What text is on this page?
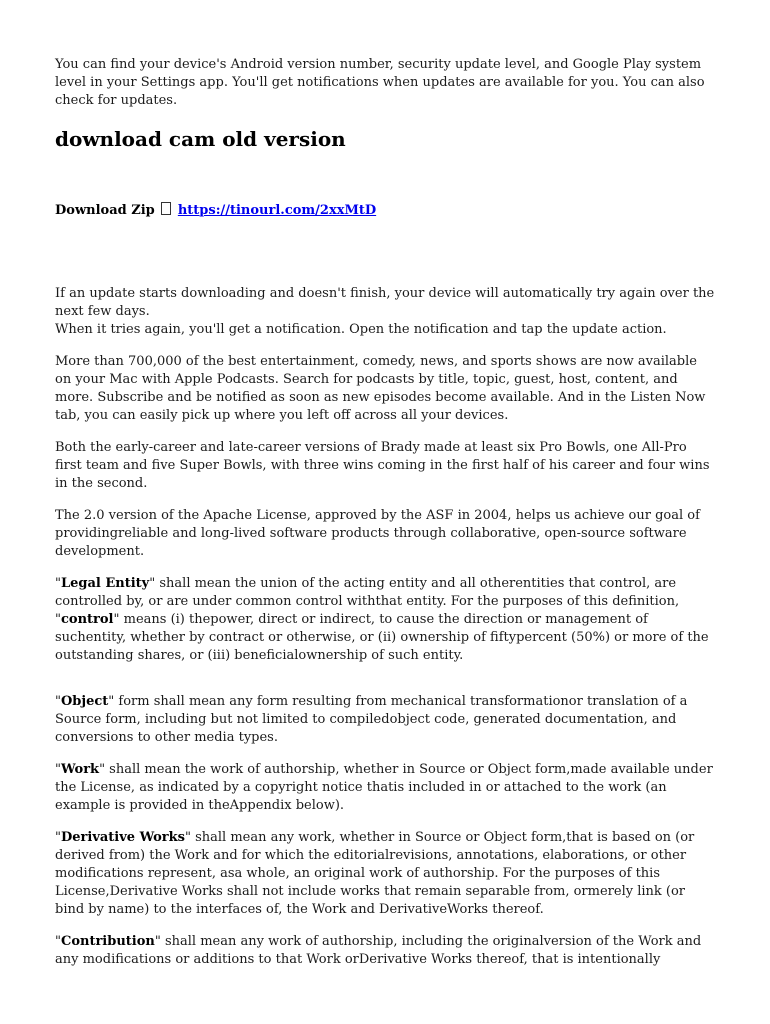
You can find your device's Android version number, security update level, and Google Play system level in your Settings app. You'll get notifications when updates are available for you. You can also check for updates.

download cam old version

Download Zip https://tinourl.com/2xxMtD

If an update starts downloading and doesn't finish, your device will automatically try again over the next few days.

When it tries again, you'll get a notification. Open the notification and tap the update action.

More than 700,000 of the best entertainment, comedy, news, and sports shows are now available on your Mac with Apple Podcasts. Search for podcasts by title, topic, guest, host, content, and more. Subscribe and be notified as soon as new episodes become available. And in the Listen Now tab, you can easily pick up where you left off across all your devices.

Both the early-career and late-career versions of Brady made at least six Pro Bowls, one All-Pro first team and five Super Bowls, with three wins coming in the first half of his career and four wins in the second.

The 2.0 version of the Apache License, approved by the ASF in 2004, helps us achieve our goal of providingreliable and long-lived software products through collaborative, open-source software development.

"Legal Entity" shall mean the union of the acting entity and all otherentities that control, are controlled by, or are under common control withthat entity. For the purposes of this definition, "control" means (i) thepower, direct or indirect, to cause the direction or management of suchentity, whether by contract or otherwise, or (ii) ownership of fiftypercent (50%) or more of the outstanding shares, or (iii) beneficialownership of such entity.

"Object" form shall mean any form resulting from mechanical transformationor translation of a Source form, including but not limited to compiledobject code, generated documentation, and conversions to other media types.

"Work" shall mean the work of authorship, whether in Source or Object form,made available under the License, as indicated by a copyright notice thatis included in or attached to the work (an example is provided in theAppendix below).

"Derivative Works" shall mean any work, whether in Source or Object form,that is based on (or derived from) the Work and for which the editorialrevisions, annotations, elaborations, or other modifications represent, asa whole, an original work of authorship. For the purposes of this License,Derivative Works shall not include works that remain separable from, ormerely link (or bind by name) to the interfaces of, the Work and DerivativeWorks thereof.

"Contribution" shall mean any work of authorship, including the originalversion of the Work and any modifications or additions to that Work orDerivative Works thereof, that is intentionally
